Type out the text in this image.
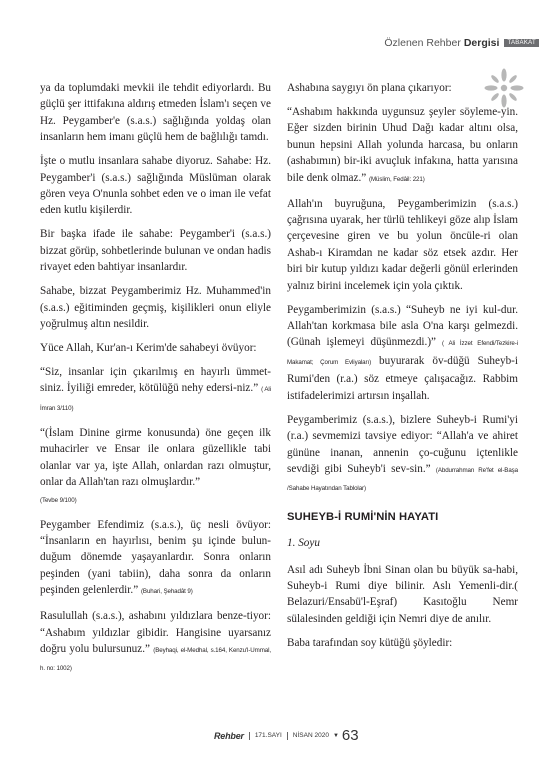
Özlenen Rehber Dergisi	TABAKAT

ya da toplumdaki mevkii ile tehdit ediyorlardı. Bu güçlü şer ittifakına aldırış etmeden İslam'ı seçen ve Hz. Peygamber'e (s.a.s.) sağlığında yoldaş olan insanların hem imanı güçlü hem de bağlılığı tamdı.

İşte o mutlu insanlara sahabe diyoruz. Sahabe: Hz. Peygamber'i (s.a.s.) sağlığında Müslüman olarak gören veya O'nunla sohbet eden ve o iman ile vefat eden kutlu kişilerdir.

Bir başka ifade ile sahabe: Peygamber'i (s.a.s.) bizzat görüp, sohbetlerinde bulunan ve ondan hadis rivayet eden bahtiyar insanlardır.

Sahabe, bizzat Peygamberimiz Hz. Muhammed'in (s.a.s.) eğitiminden geçmiş, kişilikleri onun eliyle yoğrulmuş altın nesildir.

Yüce Allah, Kur'an-ı Kerim'de sahabeyi övüyor:

“Siz, insanlar için çıkarılmış en hayırlı ümmet-siniz. İyiliği emreder, kötülüğü nehy edersi-niz.” ( Ali İmran 3/110)

“(İslam Dinine girme konusunda) öne geçen ilk muhacirler ve Ensar ile onlara güzellikle tabi olanlar var ya, işte Allah, onlardan razı olmuştur, onlar da Allah'tan razı olmuşlardır.”
(Tevbe 9/100)

Peygamber Efendimiz (s.a.s.), üç nesli övüyor: “İnsanların en hayırlısı, benim şu içinde bulun-duğum dönemde yaşayanlardır. Sonra onların peşinden (yani tabiin), daha sonra da onların peşinden gelenlerdir.” (Buhari, Şehadât 9)

Rasulullah (s.a.s.), ashabını yıldızlara benze-tiyor: “Ashabım yıldızlar gibidir. Hangisine uyarsanız doğru yolu bulursunuz.” (Beyhaqi, el-Medhal, s.164, Kenzu'l-Ummal, h. no: 1002)

Ashabına saygıyı ön plana çıkarıyor:

“Ashabım hakkında uygunsuz şeyler söyleme-yin. Eğer sizden birinin Uhud Dağı kadar altını olsa, bunun hepsini Allah yolunda harcasa, bu onların (ashabımın) bir-iki avuçluk infakına, hatta yarısına bile denk olmaz.” (Müslim, Fedâil: 221)

Allah'ın buyruğuna, Peygamberimizin (s.a.s.) çağrısına uyarak, her türlü tehlikeyi göze alıp İslam çerçevesine giren ve bu yolun öncüle-ri olan Ashab-ı Kiramdan ne kadar söz etsek azdır. Her biri bir kutup yıldızı kadar değerli gönül erlerinden yalnız birini incelemek için yola çıktık.

Peygamberimizin (s.a.s.) “Suheyb ne iyi kul-dur. Allah'tan korkmasa bile asla O'na karşı gelmezdi. (Günah işlemeyi düşünmezdi.)” ( Ali İzzet Efendi/Tezkire-i Makamat; Çorum Evliyaları) buyurarak öv-düğü Suheyb-i Rumi'den (r.a.) söz etmeye çalışacağız. Rabbim istifadelerimizi artırsın inşallah.

Peygamberimiz (s.a.s.), bizlere Suheyb-i Rumi'yi (r.a.) sevmemizi tavsiye ediyor: “Allah'a ve ahiret gününe inanan, annenin ço-cuğunu içtenlikle sevdiği gibi Suheyb'i sev-sin.” (Abdurrahman Re'fet el-Başa /Sahabe Hayatından Tablolar)

SUHEYB-İ RUMİ'NİN HAYATI
1. Soyu

Asıl adı Suheyb İbni Sinan olan bu büyük sa-habi, Suheyb-i Rumi diye bilinir. Aslı Yemenli-dir.( Belazuri/Ensabü'l-Eşraf) Kasıtoğlu Nemr sülalesinden geldiği için Nemri diye de anılır.

Baba tarafından soy kütüğü şöyledir:

Rehber 171.SAYI NİSAN 2020 ▼ 63
